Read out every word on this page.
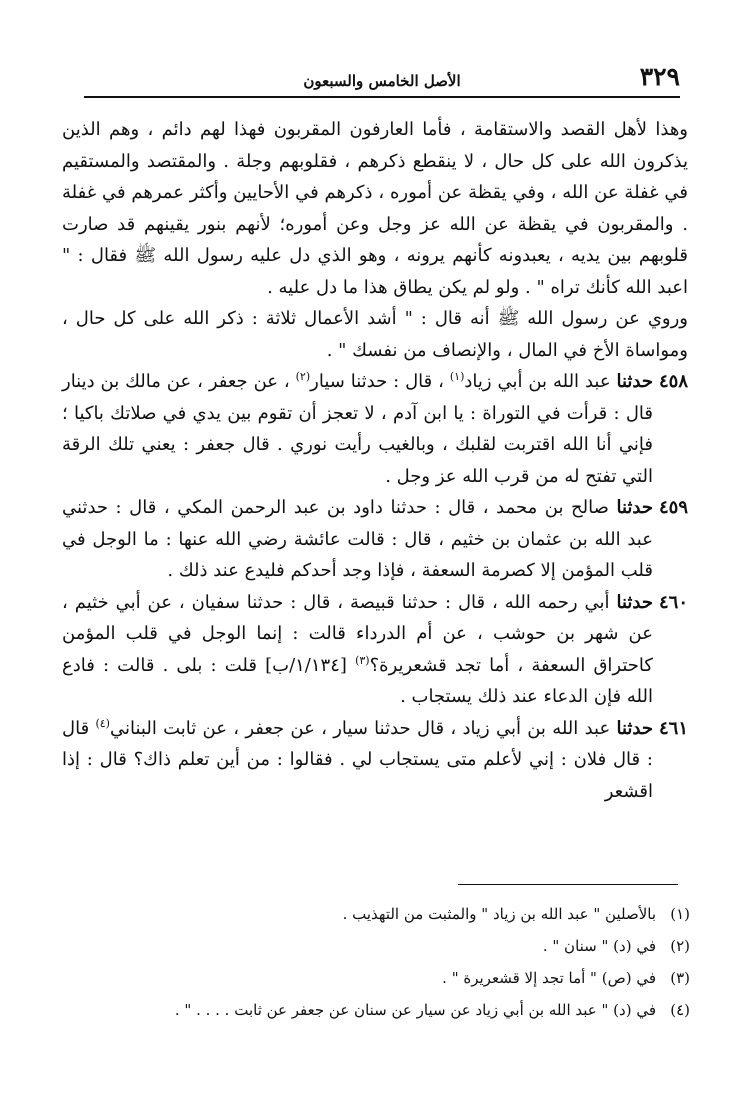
٣٢٩
الأصل الخامس والسبعون

وهذا لأهل القصد والاستقامة ، فأما العارفون المقربون فهذا لهم دائم ، وهم الذين يذكرون الله على كل حال ، لا ينقطع ذكرهم ، فقلوبهم وجلة . والمقتصد والمستقيم في غفلة عن الله ، وفي يقظة عن أموره ، ذكرهم في الأحايين وأكثر عمرهم في غفلة . والمقربون في يقظة عن الله عز وجل وعن أموره؛ لأنهم بنور يقينهم قد صارت قلوبهم بين يديه ، يعبدونه كأنهم يرونه ، وهو الذي دل عليه رسول الله ﷺ فقال : " اعبد الله كأنك تراه " . ولو لم يكن يطاق هذا ما دل عليه .

وروي عن رسول الله ﷺ أنه قال : " أشد الأعمال ثلاثة : ذكر الله على كل حال ، ومواساة الأخ في المال ، والإنصاف من نفسك " .

٤٥٨
حدثنا عبد الله بن أبي زياد$^{(١)}$ ، قال : حدثنا سيار$^{(٢)}$ ، عن جعفر ، عن مالك بن دينار قال : قرأت في التوراة : يا ابن آدم ، لا تعجز أن تقوم بين يدي في صلاتك باكيا ؛ فإني أنا الله اقتربت لقلبك ، وبالغيب رأيت نوري . قال جعفر : يعني تلك الرقة التي تفتح له من قرب الله عز وجل .
٤٥٩
حدثنا صالح بن محمد ، قال : حدثنا داود بن عبد الرحمن المكي ، قال : حدثني عبد الله بن عثمان بن خثيم ، قال : قالت عائشة رضي الله عنها : ما الوجل في قلب المؤمن إلا كصرمة السعفة ، فإذا وجد أحدكم فليدع عند ذلك .
٤٦٠
حدثنا أبي رحمه الله ، قال : حدثنا قبيصة ، قال : حدثنا سفيان ، عن أبي خثيم ، عن شهر بن حوشب ، عن أم الدرداء قالت : إنما الوجل في قلب المؤمن كاحتراق السعفة ، أما تجد قشعريرة؟$^{(٣)}$ [١/١٣٤/ب] قلت : بلى . قالت : فادع الله فإن الدعاء عند ذلك يستجاب .
٤٦١
حدثنا عبد الله بن أبي زياد ، قال حدثنا سيار ، عن جعفر ، عن ثابت البناني$^{(٤)}$ قال : قال فلان : إني لأعلم متى يستجاب لي . فقالوا : من أين تعلم ذاك؟ قال : إذا اقشعر
(١)
بالأصلين " عبد الله بن زياد " والمثبت من التهذيب .
(٢)
في (د) " سنان " .
(٣)
في (ص) " أما تجد إلا قشعريرة " .
(٤)
في (د) " عبد الله بن أبي زياد عن سيار عن سنان عن جعفر عن ثابت . . . . " .
